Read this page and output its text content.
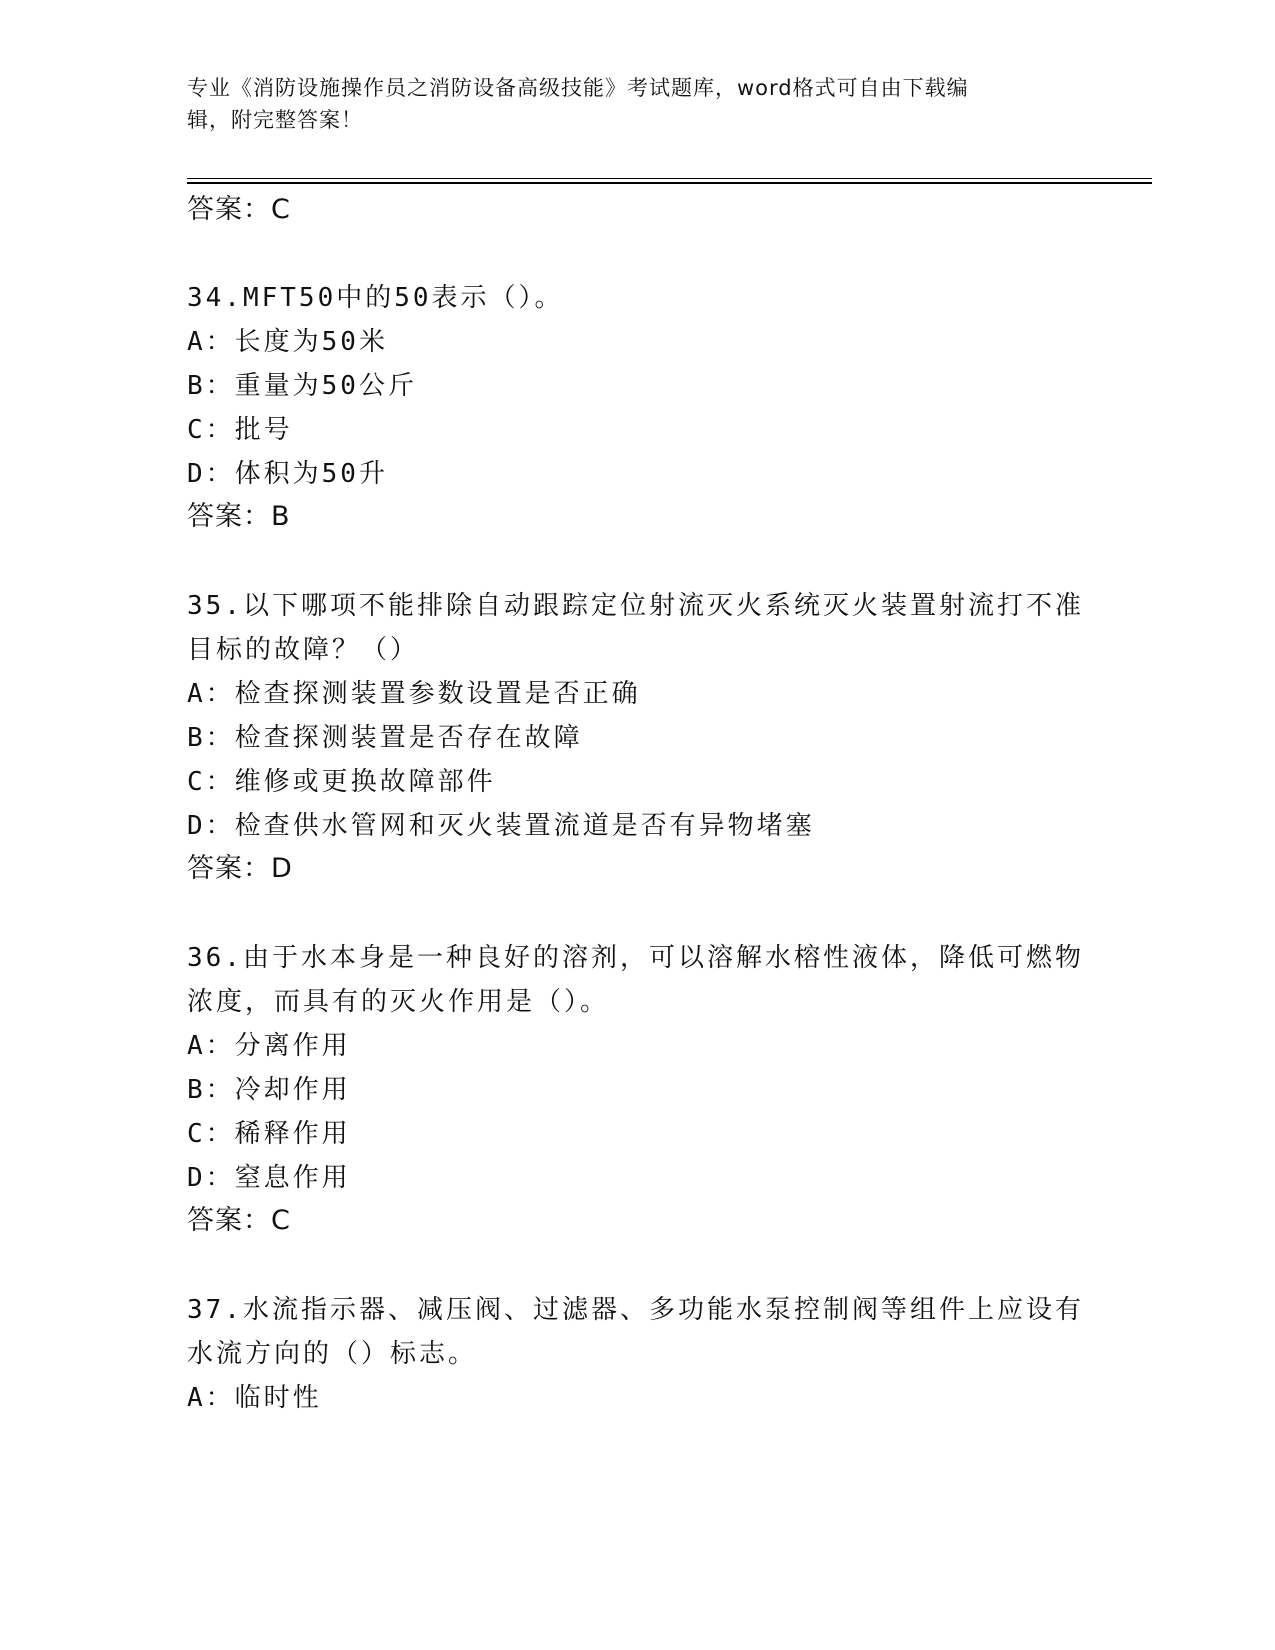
专业《消防设施操作员之消防设备高级技能》考试题库，word格式可自由下载编
辑，附完整答案！
答案：C
34.MFT50中的50表示（）。
A：长度为50米
B：重量为50公斤
C：批号
D：体积为50升
答案：B
35.以下哪项不能排除自动跟踪定位射流灭火系统灭火装置射流打不准
目标的故障？（）
A：检查探测装置参数设置是否正确
B：检查探测装置是否存在故障
C：维修或更换故障部件
D：检查供水管网和灭火装置流道是否有异物堵塞
答案：D
36.由于水本身是一种良好的溶剂，可以溶解水榕性液体，降低可燃物
浓度，而具有的灭火作用是（）。
A：分离作用
B：冷却作用
C：稀释作用
D：窒息作用
答案：C
37.水流指示器、减压阀、过滤器、多功能水泵控制阀等组件上应设有
水流方向的（）标志。
A：临时性
